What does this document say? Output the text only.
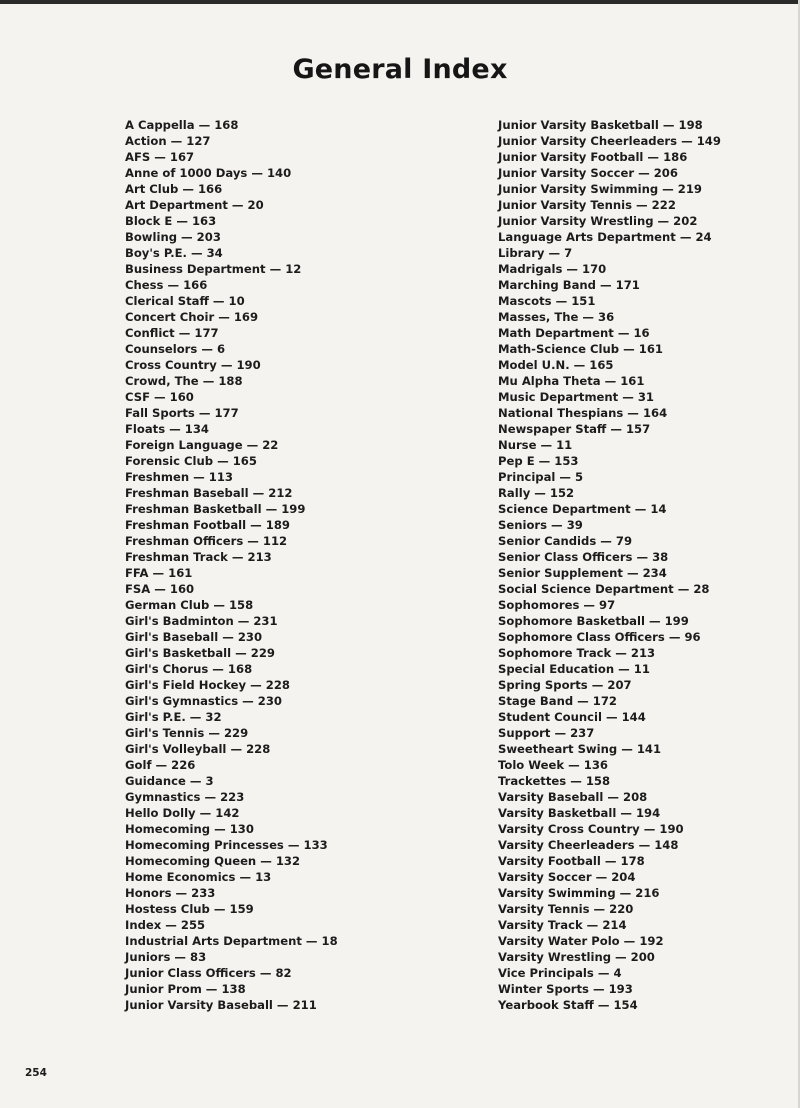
General Index
A Cappella — 168
Action — 127
AFS — 167
Anne of 1000 Days — 140
Art Club — 166
Art Department — 20
Block E — 163
Bowling — 203
Boy's P.E. — 34
Business Department — 12
Chess — 166
Clerical Staff — 10
Concert Choir — 169
Conflict — 177
Counselors — 6
Cross Country — 190
Crowd, The — 188
CSF — 160
Fall Sports — 177
Floats — 134
Foreign Language — 22
Forensic Club — 165
Freshmen — 113
Freshman Baseball — 212
Freshman Basketball — 199
Freshman Football — 189
Freshman Officers — 112
Freshman Track — 213
FFA — 161
FSA — 160
German Club — 158
Girl's Badminton — 231
Girl's Baseball — 230
Girl's Basketball — 229
Girl's Chorus — 168
Girl's Field Hockey — 228
Girl's Gymnastics — 230
Girl's P.E. — 32
Girl's Tennis — 229
Girl's Volleyball — 228
Golf — 226
Guidance — 3
Gymnastics — 223
Hello Dolly — 142
Homecoming — 130
Homecoming Princesses — 133
Homecoming Queen — 132
Home Economics — 13
Honors — 233
Hostess Club — 159
Index — 255
Industrial Arts Department — 18
Juniors — 83
Junior Class Officers — 82
Junior Prom — 138
Junior Varsity Baseball — 211
Junior Varsity Basketball — 198
Junior Varsity Cheerleaders — 149
Junior Varsity Football — 186
Junior Varsity Soccer — 206
Junior Varsity Swimming — 219
Junior Varsity Tennis — 222
Junior Varsity Wrestling — 202
Language Arts Department — 24
Library — 7
Madrigals — 170
Marching Band — 171
Mascots — 151
Masses, The — 36
Math Department — 16
Math-Science Club — 161
Model U.N. — 165
Mu Alpha Theta — 161
Music Department — 31
National Thespians — 164
Newspaper Staff — 157
Nurse — 11
Pep E — 153
Principal — 5
Rally — 152
Science Department — 14
Seniors — 39
Senior Candids — 79
Senior Class Officers — 38
Senior Supplement — 234
Social Science Department — 28
Sophomores — 97
Sophomore Basketball — 199
Sophomore Class Officers — 96
Sophomore Track — 213
Special Education — 11
Spring Sports — 207
Stage Band — 172
Student Council — 144
Support — 237
Sweetheart Swing — 141
Tolo Week — 136
Trackettes — 158
Varsity Baseball — 208
Varsity Basketball — 194
Varsity Cross Country — 190
Varsity Cheerleaders — 148
Varsity Football — 178
Varsity Soccer — 204
Varsity Swimming — 216
Varsity Tennis — 220
Varsity Track — 214
Varsity Water Polo — 192
Varsity Wrestling — 200
Vice Principals — 4
Winter Sports — 193
Yearbook Staff — 154
254
